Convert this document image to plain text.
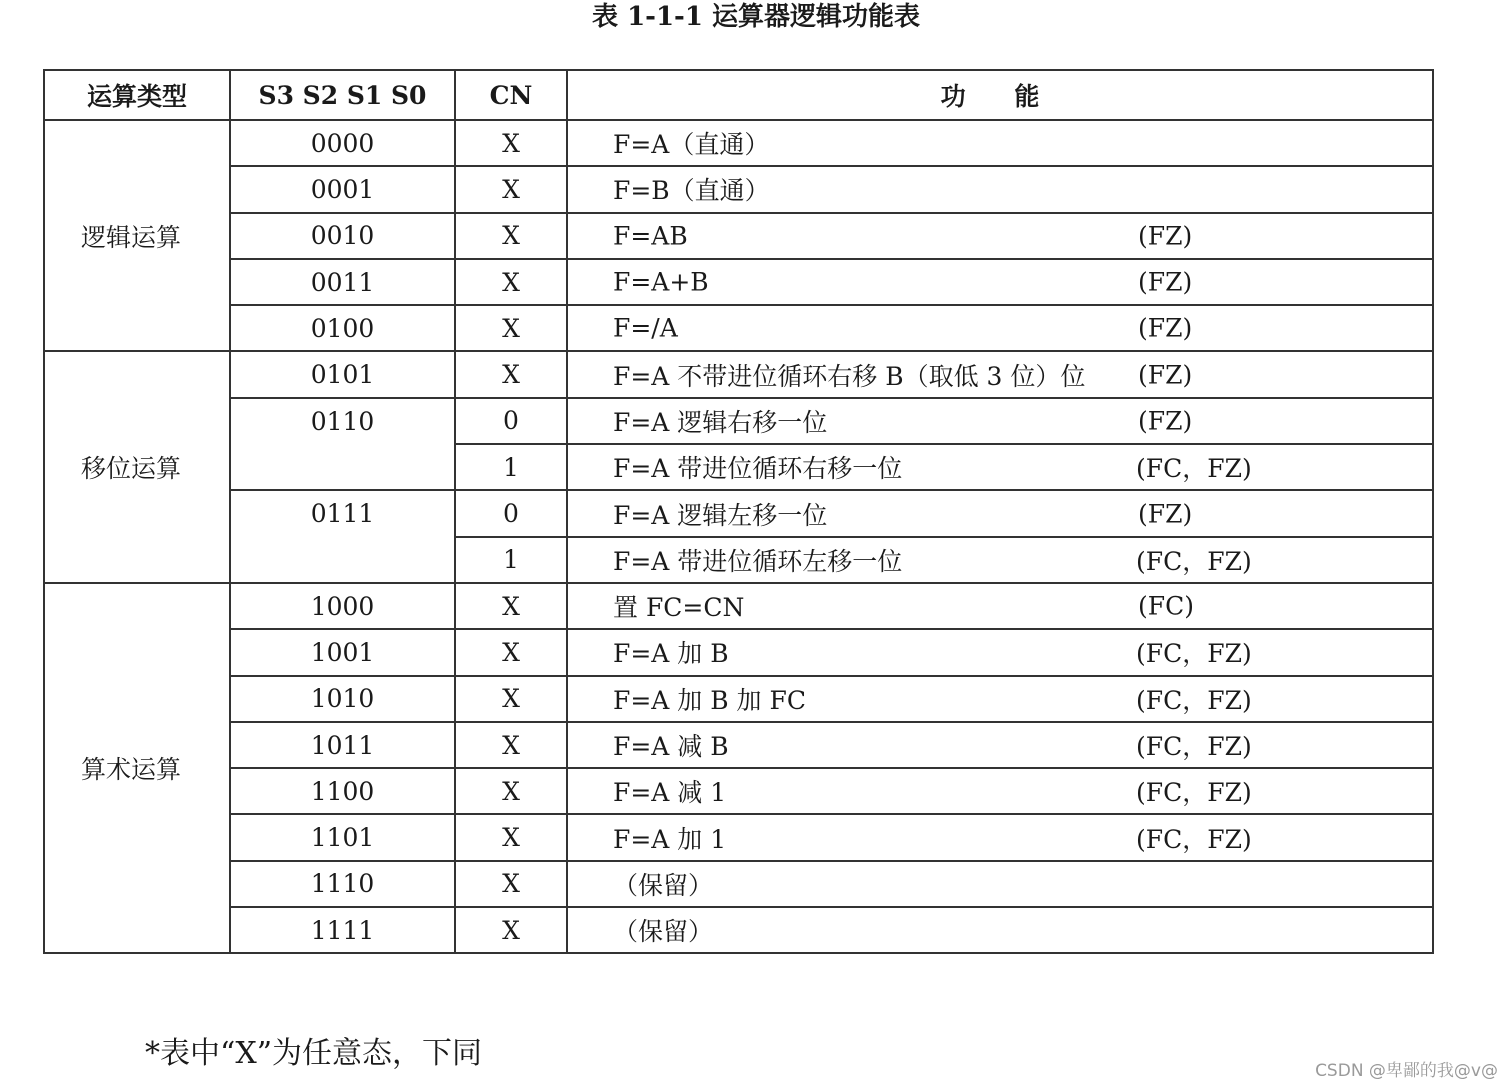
表 1-1-1 运算器逻辑功能表
运算类型	S3 S2 S1 S0	CN	功 能
逻辑运算	0000	X	F=A（直通）

	0001	X	F=B（直通）

	0010	X	F=AB (FZ)

	0011	X	F=A+B (FZ)

	0100	X	F=/A (FZ)

移位运算	0101	X	F=A 不带进位循环右移 B（取低 3 位）位 (FZ)

	0110	0	F=A 逻辑右移一位 (FZ)

		1	F=A 带进位循环右移一位 (FC，FZ)

	0111	0	F=A 逻辑左移一位 (FZ)

		1	F=A 带进位循环左移一位 (FC，FZ)

算术运算	1000	X	置 FC=CN (FC)

	1001	X	F=A 加 B (FC，FZ)

	1010	X	F=A 加 B 加 FC (FC，FZ)

	1011	X	F=A 减 B (FC，FZ)

	1100	X	F=A 减 1 (FC，FZ)

	1101	X	F=A 加 1 (FC，FZ)

	1110	X	（保留）

	1111	X	（保留）
*表中“X”为任意态，下同	CSDN @卑鄙的我@v@
